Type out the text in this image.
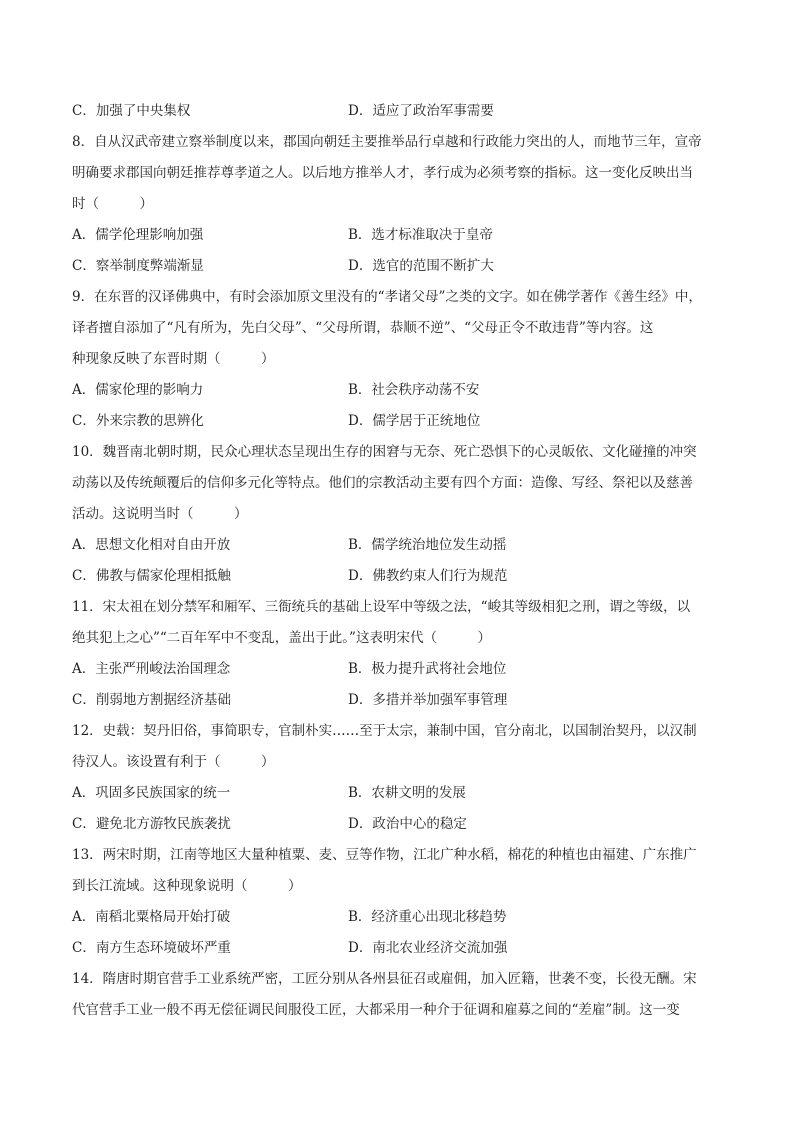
C．加强了中央集权	D．适应了政治军事需要
8．自从汉武帝建立察举制度以来，郡国向朝廷主要推举品行卓越和行政能力突出的人，而地节三年，宣帝
明确要求郡国向朝廷推荐尊孝道之人。以后地方推举人才，孝行成为必须考察的指标。这一变化反映出当
时（　　　）
A．儒学伦理影响加强	B．选才标准取决于皇帝
C．察举制度弊端渐显	D．选官的范围不断扩大
9．在东晋的汉译佛典中，有时会添加原文里没有的“孝诸父母”之类的文字。如在佛学著作《善生经》中，
译者擅自添加了“凡有所为，先白父母”、“父母所谓，恭顺不逆”、“父母正令不敢违背”等内容。这
种现象反映了东晋时期（　　　）
A．儒家伦理的影响力	B．社会秩序动荡不安
C．外来宗教的思辨化	D．儒学居于正统地位
10．魏晋南北朝时期，民众心理状态呈现出生存的困窘与无奈、死亡恐惧下的心灵皈依、文化碰撞的冲突
动荡以及传统颠覆后的信仰多元化等特点。他们的宗教活动主要有四个方面：造像、写经、祭祀以及慈善
活动。这说明当时（　　　）
A．思想文化相对自由开放	B．儒学统治地位发生动摇
C．佛教与儒家伦理相抵触	D．佛教约束人们行为规范
11．宋太祖在划分禁军和厢军、三衙统兵的基础上设军中等级之法，“峻其等级相犯之刑，谓之等级，以
绝其犯上之心”“二百年军中不变乱，盖出于此。”这表明宋代（　　　）
A．主张严刑峻法治国理念	B．极力提升武将社会地位
C．削弱地方割据经济基础	D．多措并举加强军事管理
12．史载：契丹旧俗，事简职专，官制朴实……至于太宗，兼制中国，官分南北，以国制治契丹，以汉制
待汉人。该设置有利于（　　　）
A．巩固多民族国家的统一	B．农耕文明的发展
C．避免北方游牧民族袭扰	D．政治中心的稳定
13．两宋时期，江南等地区大量种植粟、麦、豆等作物，江北广种水稻，棉花的种植也由福建、广东推广
到长江流域。这种现象说明（　　　）
A．南稻北粟格局开始打破	B．经济重心出现北移趋势
C．南方生态环境破坏严重	D．南北农业经济交流加强
14．隋唐时期官营手工业系统严密，工匠分别从各州县征召或雇佣，加入匠籍，世袭不变，长役无酬。宋
代官营手工业一般不再无偿征调民间服役工匠，大都采用一种介于征调和雇募之间的“差雇”制。这一变
